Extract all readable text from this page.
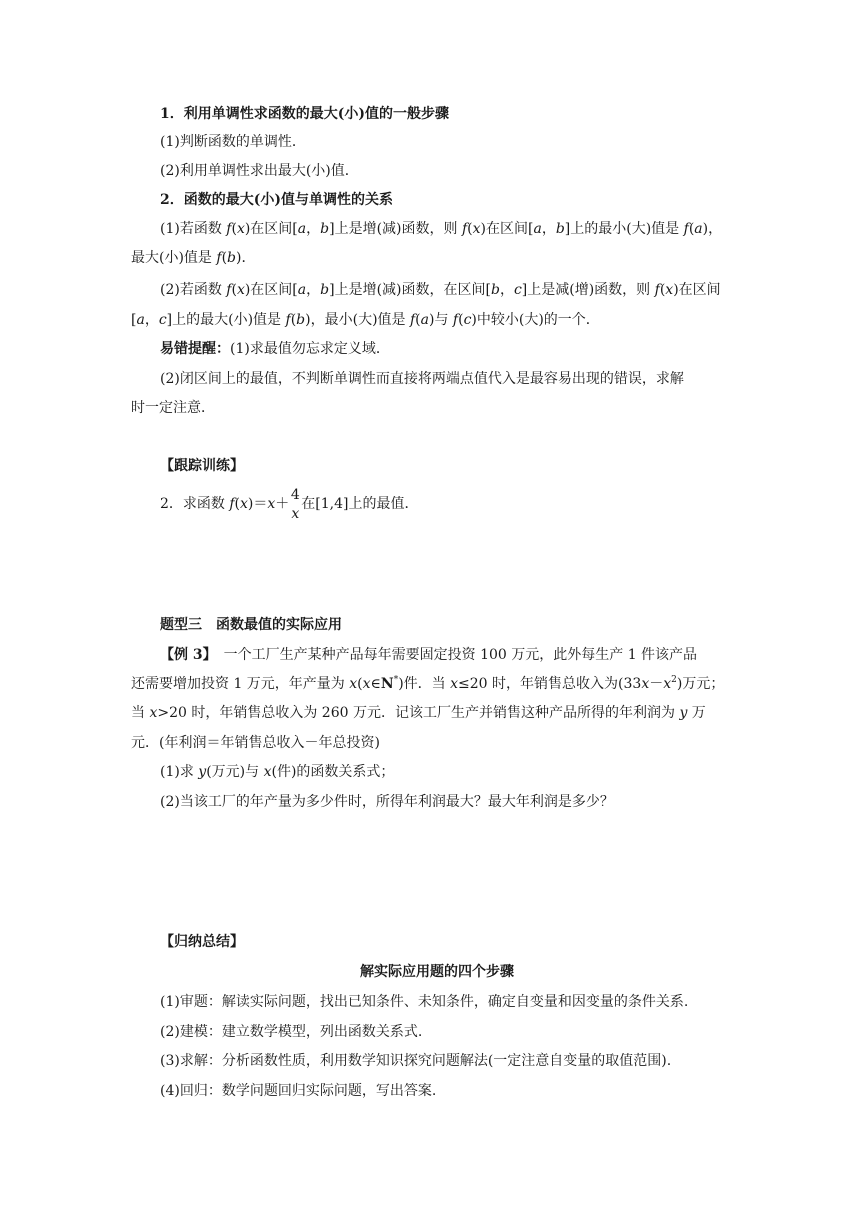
1．利用单调性求函数的最大(小)值的一般步骤
(1)判断函数的单调性．
(2)利用单调性求出最大(小)值．
2．函数的最大(小)值与单调性的关系
(1)若函数 f(x)在区间[a，b]上是增(减)函数，则 f(x)在区间[a，b]上的最小(大)值是 f(a)，
最大(小)值是 f(b)．
(2)若函数 f(x)在区间[a，b]上是增(减)函数，在区间[b，c]上是减(增)函数，则 f(x)在区间
[a，c]上的最大(小)值是 f(b)，最小(大)值是 f(a)与 f(c)中较小(大)的一个．
易错提醒：(1)求最值勿忘求定义域．
(2)闭区间上的最值，不判断单调性而直接将两端点值代入是最容易出现的错误，求解
时一定注意．
【跟踪训练】
2．求函数 f(x)＝x＋
4
x
在[1,4]上的最值．
题型三　函数最值的实际应用
【例 3】　一个工厂生产某种产品每年需要固定投资 100 万元，此外每生产 1 件该产品
还需要增加投资 1 万元，年产量为 x(x∈N*)件．当 x≤20 时，年销售总收入为$(33x-x^2)$万元；
当 x>20 时，年销售总收入为 260 万元．记该工厂生产并销售这种产品所得的年利润为 y 万
元．(年利润＝年销售总收入－年总投资)
(1)求 y(万元)与 x(件)的函数关系式；
(2)当该工厂的年产量为多少件时，所得年利润最大？最大年利润是多少？
【归纳总结】
解实际应用题的四个步骤
(1)审题：解读实际问题，找出已知条件、未知条件，确定自变量和因变量的条件关系.
(2)建模：建立数学模型，列出函数关系式.
(3)求解：分析函数性质，利用数学知识探究问题解法(一定注意自变量的取值范围).
(4)回归：数学问题回归实际问题，写出答案.
